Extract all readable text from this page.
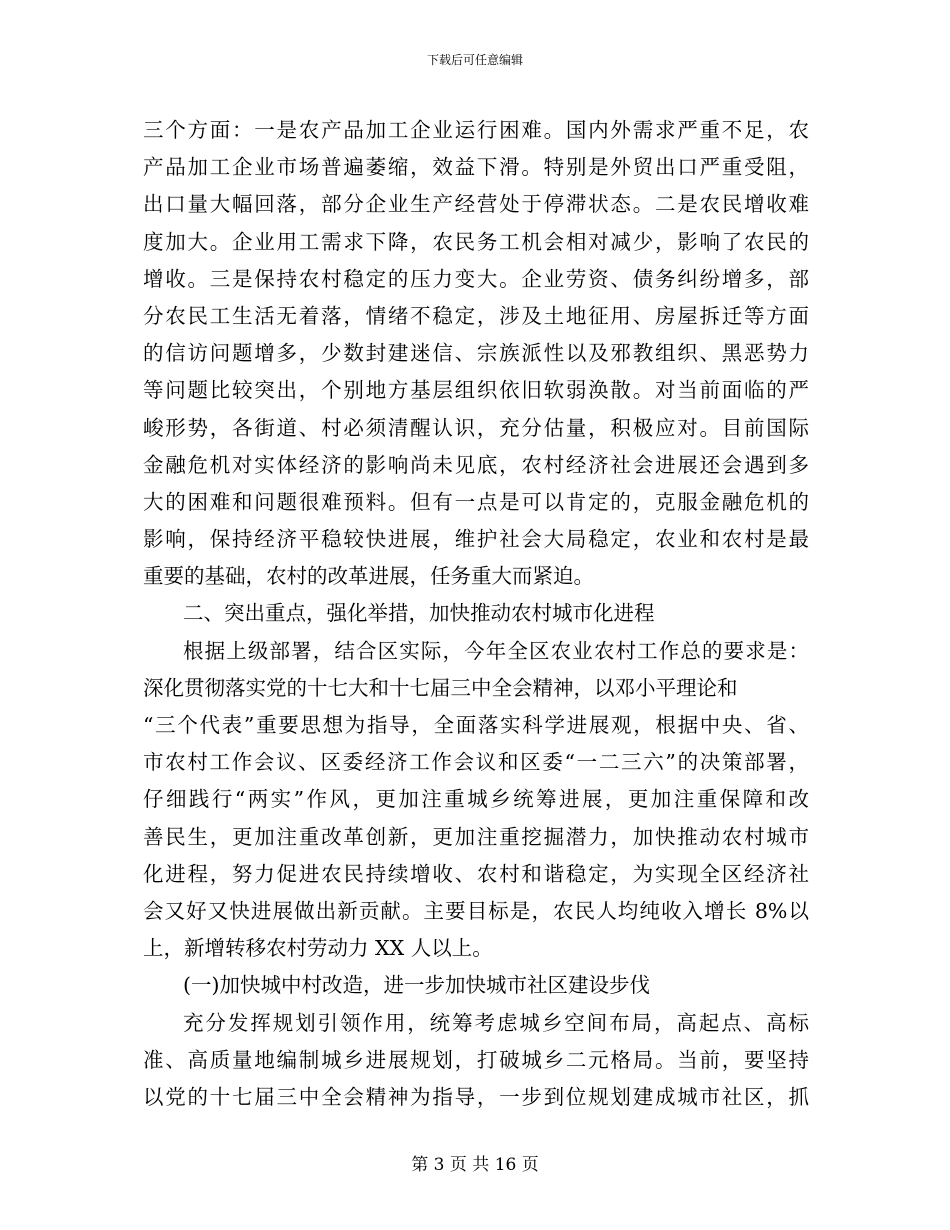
下载后可任意编辑
三个方面：一是农产品加工企业运行困难。国内外需求严重不足，农
产品加工企业市场普遍萎缩，效益下滑。特别是外贸出口严重受阻，
出口量大幅回落，部分企业生产经营处于停滞状态。二是农民增收难
度加大。企业用工需求下降，农民务工机会相对减少，影响了农民的
增收。三是保持农村稳定的压力变大。企业劳资、债务纠纷增多，部
分农民工生活无着落，情绪不稳定，涉及土地征用、房屋拆迁等方面
的信访问题增多，少数封建迷信、宗族派性以及邪教组织、黑恶势力
等问题比较突出，个别地方基层组织依旧软弱涣散。对当前面临的严
峻形势，各街道、村必须清醒认识，充分估量，积极应对。目前国际
金融危机对实体经济的影响尚未见底，农村经济社会进展还会遇到多
大的困难和问题很难预料。但有一点是可以肯定的，克服金融危机的
影响，保持经济平稳较快进展，维护社会大局稳定，农业和农村是最
重要的基础，农村的改革进展，任务重大而紧迫。
二、突出重点，强化举措，加快推动农村城市化进程
根据上级部署，结合区实际，今年全区农业农村工作总的要求是：
深化贯彻落实党的十七大和十七届三中全会精神，以邓小平理论和
“三个代表”重要思想为指导，全面落实科学进展观，根据中央、省、
市农村工作会议、区委经济工作会议和区委“一二三六”的决策部署，
仔细践行“两实”作风，更加注重城乡统筹进展，更加注重保障和改
善民生，更加注重改革创新，更加注重挖掘潜力，加快推动农村城市
化进程，努力促进农民持续增收、农村和谐稳定，为实现全区经济社
会又好又快进展做出新贡献。主要目标是，农民人均纯收入增长 8%以
上，新增转移农村劳动力 XX 人以上。
(一)加快城中村改造，进一步加快城市社区建设步伐
充分发挥规划引领作用，统筹考虑城乡空间布局，高起点、高标
准、高质量地编制城乡进展规划，打破城乡二元格局。当前，要坚持
以党的十七届三中全会精神为指导，一步到位规划建成城市社区，抓
第 3 页 共 16 页
